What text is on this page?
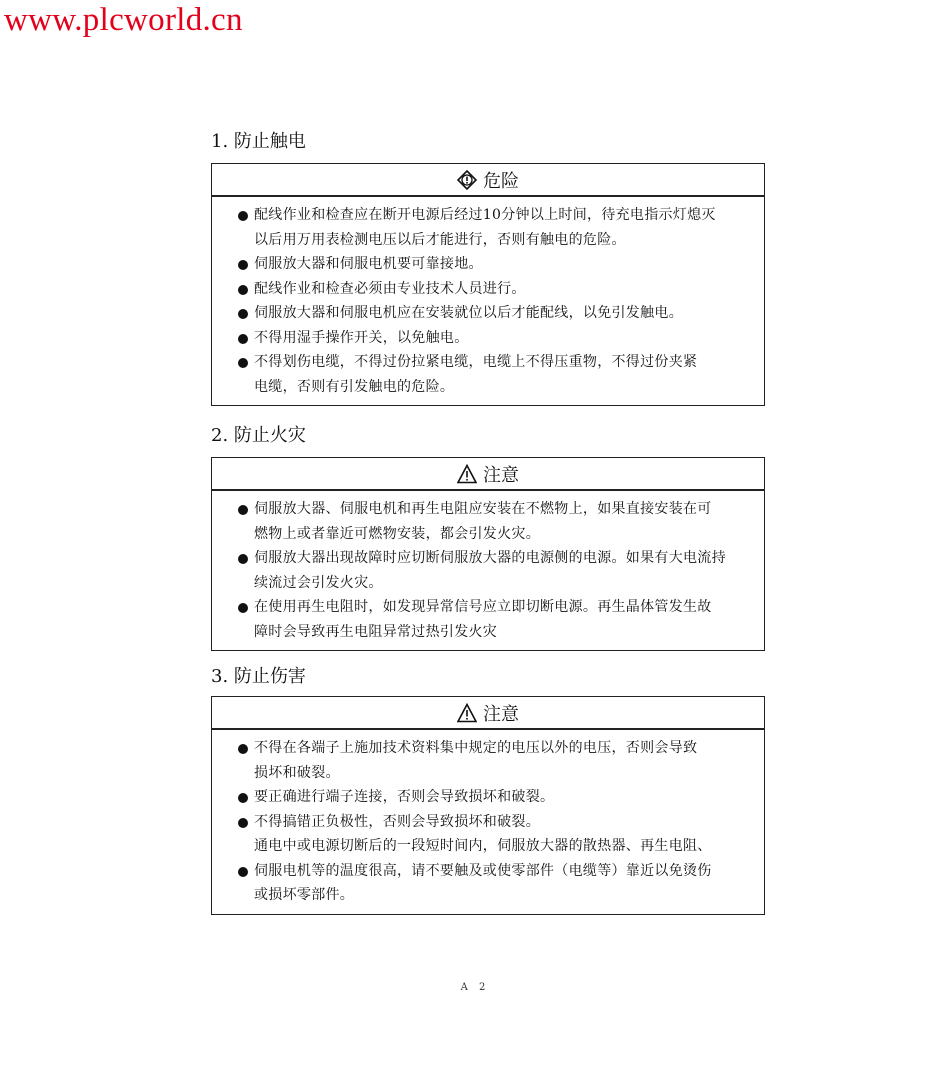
www.plcworld.cn
1. 防止触电
危险
配线作业和检查应在断开电源后经过10分钟以上时间，待充电指示灯熄灭
以后用万用表检测电压以后才能进行，否则有触电的危险。
伺服放大器和伺服电机要可靠接地。
配线作业和检查必须由专业技术人员进行。
伺服放大器和伺服电机应在安装就位以后才能配线，以免引发触电。
不得用湿手操作开关，以免触电。
不得划伤电缆，不得过份拉紧电缆，电缆上不得压重物，不得过份夹紧
电缆，否则有引发触电的危险。
2. 防止火灾
注意
伺服放大器、伺服电机和再生电阻应安装在不燃物上，如果直接安装在可
燃物上或者靠近可燃物安装，都会引发火灾。
伺服放大器出现故障时应切断伺服放大器的电源侧的电源。如果有大电流持
续流过会引发火灾。
在使用再生电阻时，如发现异常信号应立即切断电源。再生晶体管发生故
障时会导致再生电阻异常过热引发火灾
3. 防止伤害
注意
不得在各端子上施加技术资料集中规定的电压以外的电压，否则会导致
损坏和破裂。
要正确进行端子连接，否则会导致损坏和破裂。
不得搞错正负极性，否则会导致损坏和破裂。
通电中或电源切断后的一段短时间内，伺服放大器的散热器、再生电阻、
伺服电机等的温度很高，请不要触及或使零部件（电缆等）靠近以免烫伤
或损坏零部件。
A 2
